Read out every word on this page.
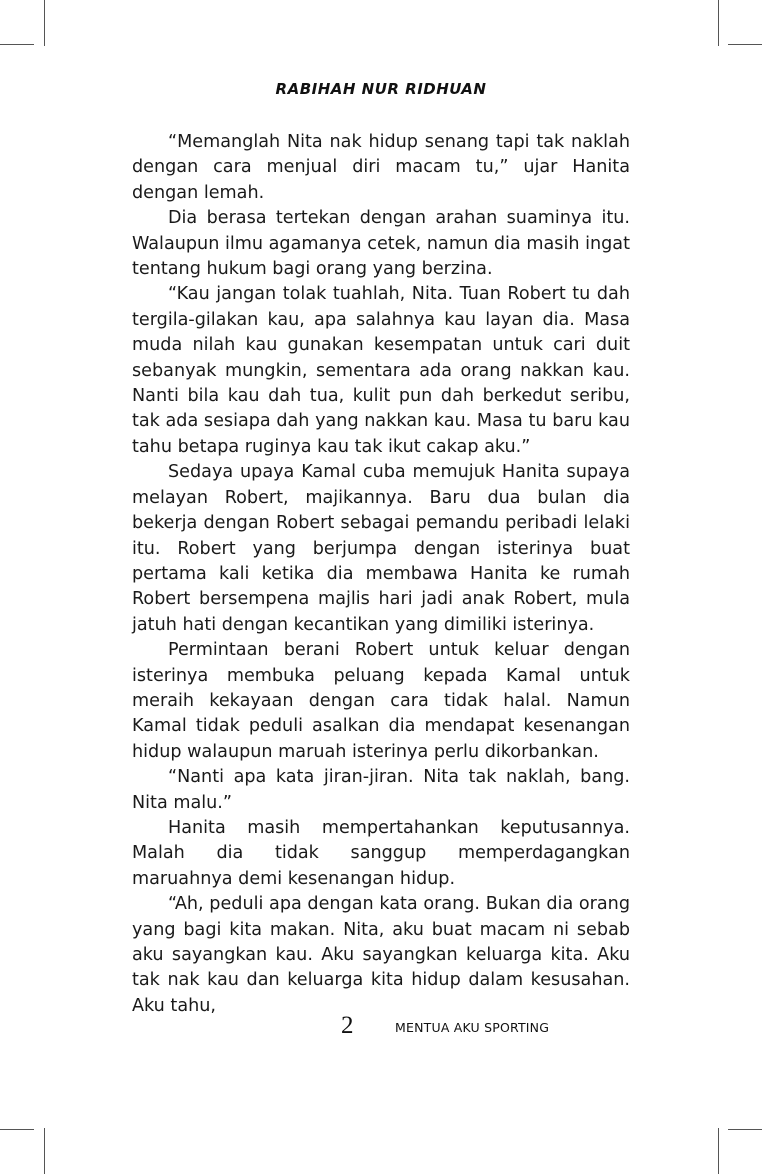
RABIHAH NUR RIDHUAN

“Memanglah Nita nak hidup senang tapi tak naklah dengan cara menjual diri macam tu,” ujar Hanita dengan lemah.

Dia berasa tertekan dengan arahan suaminya itu. Walaupun ilmu agamanya cetek, namun dia masih ingat tentang hukum bagi orang yang berzina.

“Kau jangan tolak tuahlah, Nita. Tuan Robert tu dah tergila-gilakan kau, apa salahnya kau layan dia. Masa muda nilah kau gunakan kesempatan untuk cari duit sebanyak mungkin, sementara ada orang nakkan kau. Nanti bila kau dah tua, kulit pun dah berkedut seribu, tak ada sesiapa dah yang nakkan kau. Masa tu baru kau tahu betapa ruginya kau tak ikut cakap aku.”

Sedaya upaya Kamal cuba memujuk Hanita supaya melayan Robert, majikannya. Baru dua bulan dia bekerja dengan Robert sebagai pemandu peribadi lelaki itu. Robert yang berjumpa dengan isterinya buat pertama kali ketika dia membawa Hanita ke rumah Robert bersempena majlis hari jadi anak Robert, mula jatuh hati dengan kecantikan yang dimiliki isterinya.

Permintaan berani Robert untuk keluar dengan isterinya membuka peluang kepada Kamal untuk meraih kekayaan dengan cara tidak halal. Namun Kamal tidak peduli asalkan dia mendapat kesenangan hidup walaupun maruah isterinya perlu dikorbankan.

“Nanti apa kata jiran-jiran. Nita tak naklah, bang. Nita malu.”

Hanita masih mempertahankan keputusannya. Malah dia tidak sanggup memperdagangkan maruahnya demi kesenangan hidup.

“Ah, peduli apa dengan kata orang. Bukan dia orang yang bagi kita makan. Nita, aku buat macam ni sebab aku sayangkan kau. Aku sayangkan keluarga kita. Aku tak nak kau dan keluarga kita hidup dalam kesusahan. Aku tahu,

2	MENTUA AKU SPORTING
